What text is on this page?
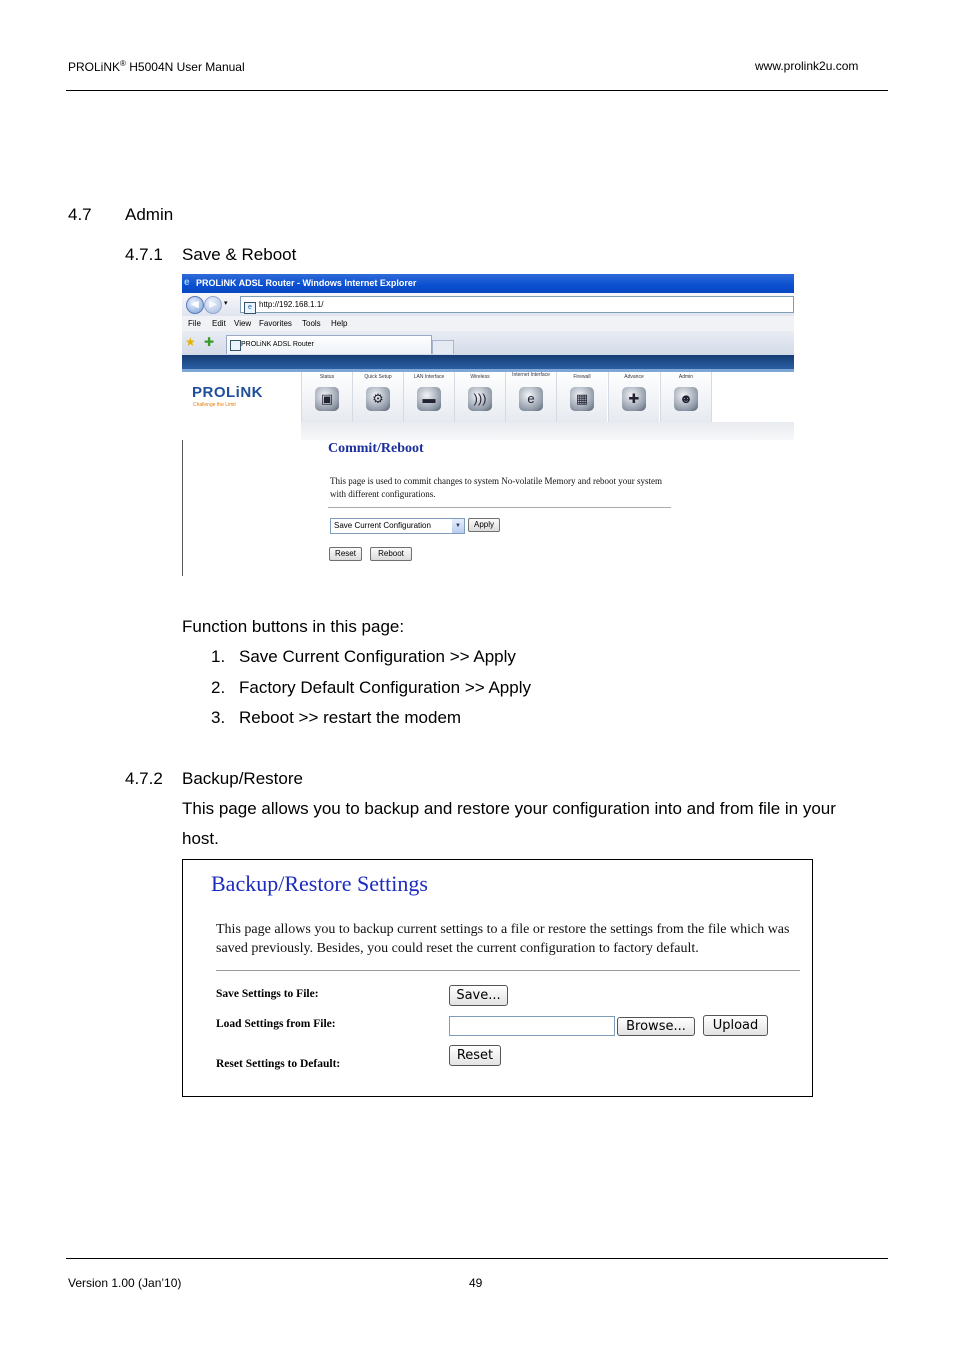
PROLiNK® H5004N User Manual	www.prolink2u.com
4.7 Admin
4.7.1 Save & Reboot
e PROLiNK ADSL Router - Windows Internet Explorer
◀	▶	▾
e http://192.168.1.1/
File Edit View Favorites Tools Help
★ ✚	PROLiNK ADSL Router
PROLiNK
Challenge the Limit
Status
▣
Quick Setup
⚙
LAN Interface
▬
Wireless
)))
Internet Interface
e
Firewall
▦
Advance
✚
Admin
☻
Commit/Reboot
This page is used to commit changes to system No-volatile Memory and reboot your system with different configurations.
Save Current Configuration	▼	Apply
Reset	Reboot
Function buttons in this page:
1. Save Current Configuration >> Apply
2. Factory Default Configuration >> Apply
3. Reboot >> restart the modem
4.7.2 Backup/Restore
This page allows you to backup and restore your configuration into and from file in your
host.
Backup/Restore Settings
This page allows you to backup current settings to a file or restore the settings from the file which was saved previously. Besides, you could reset the current configuration to factory default.
Save Settings to File:	Save...
Load Settings from File:	Browse...	Upload
Reset Settings to Default:
Reset
Version 1.00 (Jan’10)	49
